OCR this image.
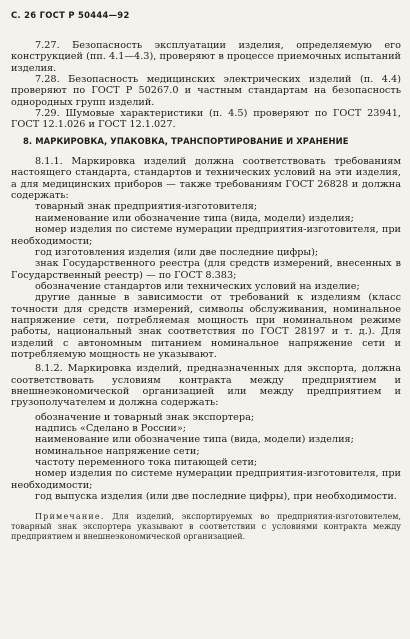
С. 26 ГОСТ Р 50444—92

7.27. Безопасность эксплуатации изделия, определяемую его конструкцией (пп. 4.1—4.3), проверяют в процессе приемочных испытаний изделия.

7.28. Безопасность медицинских электрических изделий (п. 4.4) проверяют по ГОСТ Р 50267.0 и частным стандартам на безопасность однородных групп изделий.

7.29. Шумовые характеристики (п. 4.5) проверяют по ГОСТ 23941, ГОСТ 12.1.026 и ГОСТ 12.1.027.

8. МАРКИРОВКА, УПАКОВКА, ТРАНСПОРТИРОВАНИЕ И ХРАНЕНИЕ

8.1.1. Маркировка изделий должна соответствовать требованиям настоящего стандарта, стандартов и технических условий на эти изделия, а для медицинских приборов — также требованиям ГОСТ 26828 и должна содержать:

товарный знак предприятия-изготовителя;

наименование или обозначение типа (вида, модели) изделия;

номер изделия по системе нумерации предприятия-изготовителя, при необходимости;

год изготовления изделия (или две последние цифры);

знак Государственного реестра (для средств измерений, внесенных в Государственный реестр) — по ГОСТ 8.383;

обозначение стандартов или технических условий на изделие;

другие данные в зависимости от требований к изделиям (класс точности для средств измерений, символы обслуживания, номинальное напряжение сети, потребляемая мощность при номинальном режиме работы, национальный знак соответствия по ГОСТ 28197 и т. д.). Для изделий с автономным питанием номинальное напряжение сети и потребляемую мощность не указывают.

8.1.2. Маркировка изделий, предназначенных для экспорта, должна соответствовать условиям контракта между предприятием и внешнеэкономической организацией или между предприятием и грузополучателем и должна содержать:

обозначение и товарный знак экспортера;

надпись «Сделано в России»;

наименование или обозначение типа (вида, модели) изделия;

номинальное напряжение сети;

частоту переменного тока питающей сети;

номер изделия по системе нумерации предприятия-изготовителя, при необходимости;

год выпуска изделия (или две последние цифры), при необходимости.

Примечание. Для изделий, экспортируемых во предприятия-изготовителем, товарный знак экспортера указывают в соответствии с условиями контракта между предприятием и внешнеэкономической организацией.
